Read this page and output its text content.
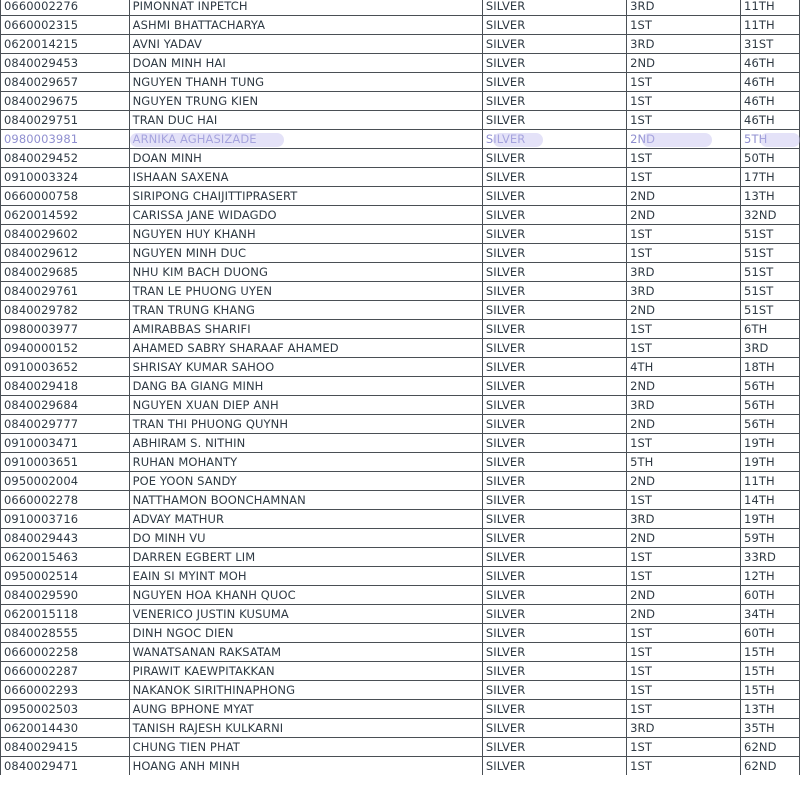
0660002276	PIMONNAT INPETCH	SILVER	3RD	11TH
0660002315	ASHMI BHATTACHARYA	SILVER	1ST	11TH
0620014215	AVNI YADAV	SILVER	3RD	31ST
0840029453	DOAN MINH HAI	SILVER	2ND	46TH
0840029657	NGUYEN THANH TUNG	SILVER	1ST	46TH
0840029675	NGUYEN TRUNG KIEN	SILVER	1ST	46TH
0840029751	TRAN DUC HAI	SILVER	1ST	46TH
0980003981	ARNIKA AGHASIZADE	SILVER	2ND	5TH
0840029452	DOAN MINH	SILVER	1ST	50TH
0910003324	ISHAAN SAXENA	SILVER	1ST	17TH
0660000758	SIRIPONG CHAIJITTIPRASERT	SILVER	2ND	13TH
0620014592	CARISSA JANE WIDAGDO	SILVER	2ND	32ND
0840029602	NGUYEN HUY KHANH	SILVER	1ST	51ST
0840029612	NGUYEN MINH DUC	SILVER	1ST	51ST
0840029685	NHU KIM BACH DUONG	SILVER	3RD	51ST
0840029761	TRAN LE PHUONG UYEN	SILVER	3RD	51ST
0840029782	TRAN TRUNG KHANG	SILVER	2ND	51ST
0980003977	AMIRABBAS SHARIFI	SILVER	1ST	6TH
0940000152	AHAMED SABRY SHARAAF AHAMED	SILVER	1ST	3RD
0910003652	SHRISAY KUMAR SAHOO	SILVER	4TH	18TH
0840029418	DANG BA GIANG MINH	SILVER	2ND	56TH
0840029684	NGUYEN XUAN DIEP ANH	SILVER	3RD	56TH
0840029777	TRAN THI PHUONG QUYNH	SILVER	2ND	56TH
0910003471	ABHIRAM S. NITHIN	SILVER	1ST	19TH
0910003651	RUHAN MOHANTY	SILVER	5TH	19TH
0950002004	POE YOON SANDY	SILVER	2ND	11TH
0660002278	NATTHAMON BOONCHAMNAN	SILVER	1ST	14TH
0910003716	ADVAY MATHUR	SILVER	3RD	19TH
0840029443	DO MINH VU	SILVER	2ND	59TH
0620015463	DARREN EGBERT LIM	SILVER	1ST	33RD
0950002514	EAIN SI MYINT MOH	SILVER	1ST	12TH
0840029590	NGUYEN HOA KHANH QUOC	SILVER	2ND	60TH
0620015118	VENERICO JUSTIN KUSUMA	SILVER	2ND	34TH
0840028555	DINH NGOC DIEN	SILVER	1ST	60TH
0660002258	WANATSANAN RAKSATAM	SILVER	1ST	15TH
0660002287	PIRAWIT KAEWPITAKKAN	SILVER	1ST	15TH
0660002293	NAKANOK SIRITHINAPHONG	SILVER	1ST	15TH
0950002503	AUNG BPHONE MYAT	SILVER	1ST	13TH
0620014430	TANISH RAJESH KULKARNI	SILVER	3RD	35TH
0840029415	CHUNG TIEN PHAT	SILVER	1ST	62ND
0840029471	HOANG ANH MINH	SILVER	1ST	62ND
